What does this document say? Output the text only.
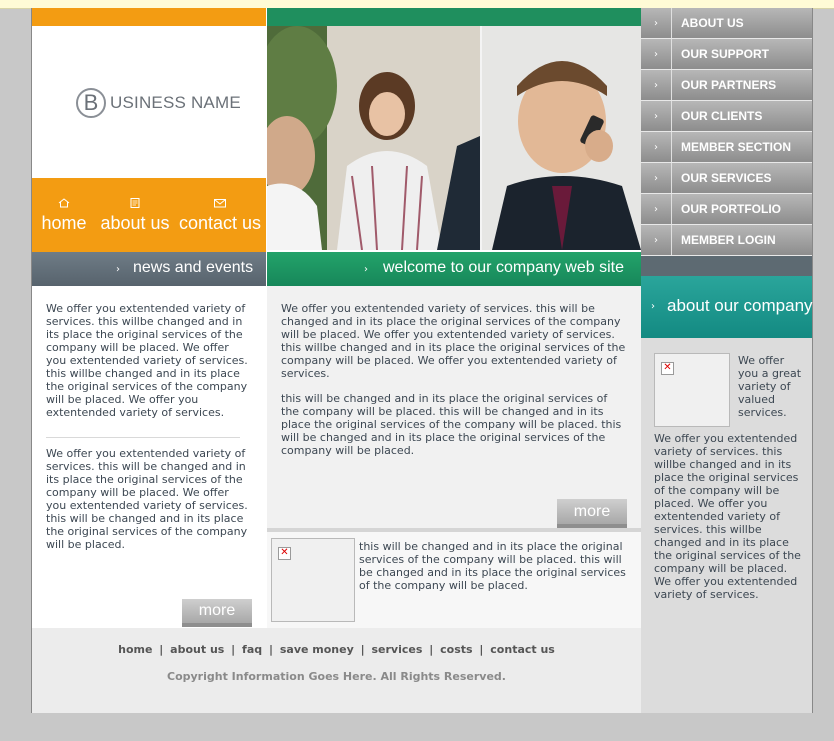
B USINESS NAME
home about us contact us
› news and events
We offer you extentended variety of services. this willbe changed and in its place the original services of the company will be placed. We offer you extentended variety of services. this willbe changed and in its place the original services of the company will be placed. We offer you extentended variety of services.
We offer you extentended variety of services. this will be changed and in its place the original services of the company will be placed. We offer you extentended variety of services. this will be changed and in its place the original services of the company will be placed.
more
› welcome to our company web site
We offer you extentended variety of services. this will be changed and in its place the original services of the company will be placed. We offer you extentended variety of services. this willbe changed and in its place the original services of the company will be placed. We offer you extentended variety of services.
this will be changed and in its place the original services of the company will be placed. this will be changed and in its place the original services of the company will be placed. this will be changed and in its place the original services of the company will be placed.
more
✕	this will be changed and in its place the original services of the company will be placed. this will be changed and in its place the original services of the company will be placed.
›	ABOUT US
›	OUR SUPPORT
›	OUR PARTNERS
›	OUR CLIENTS
›	MEMBER SECTION
›	OUR SERVICES
›	OUR PORTFOLIO
›	MEMBER LOGIN
› about our company
✕
We offer you a great variety of valued services.
We offer you extentended variety of services. this willbe changed and in its place the original services of the company will be placed. We offer you extentended variety of services. this willbe changed and in its place the original services of the company will be placed. We offer you extentended variety of services.
home | about us | faq | save money | services | costs | contact us
Copyright Information Goes Here. All Rights Reserved.
